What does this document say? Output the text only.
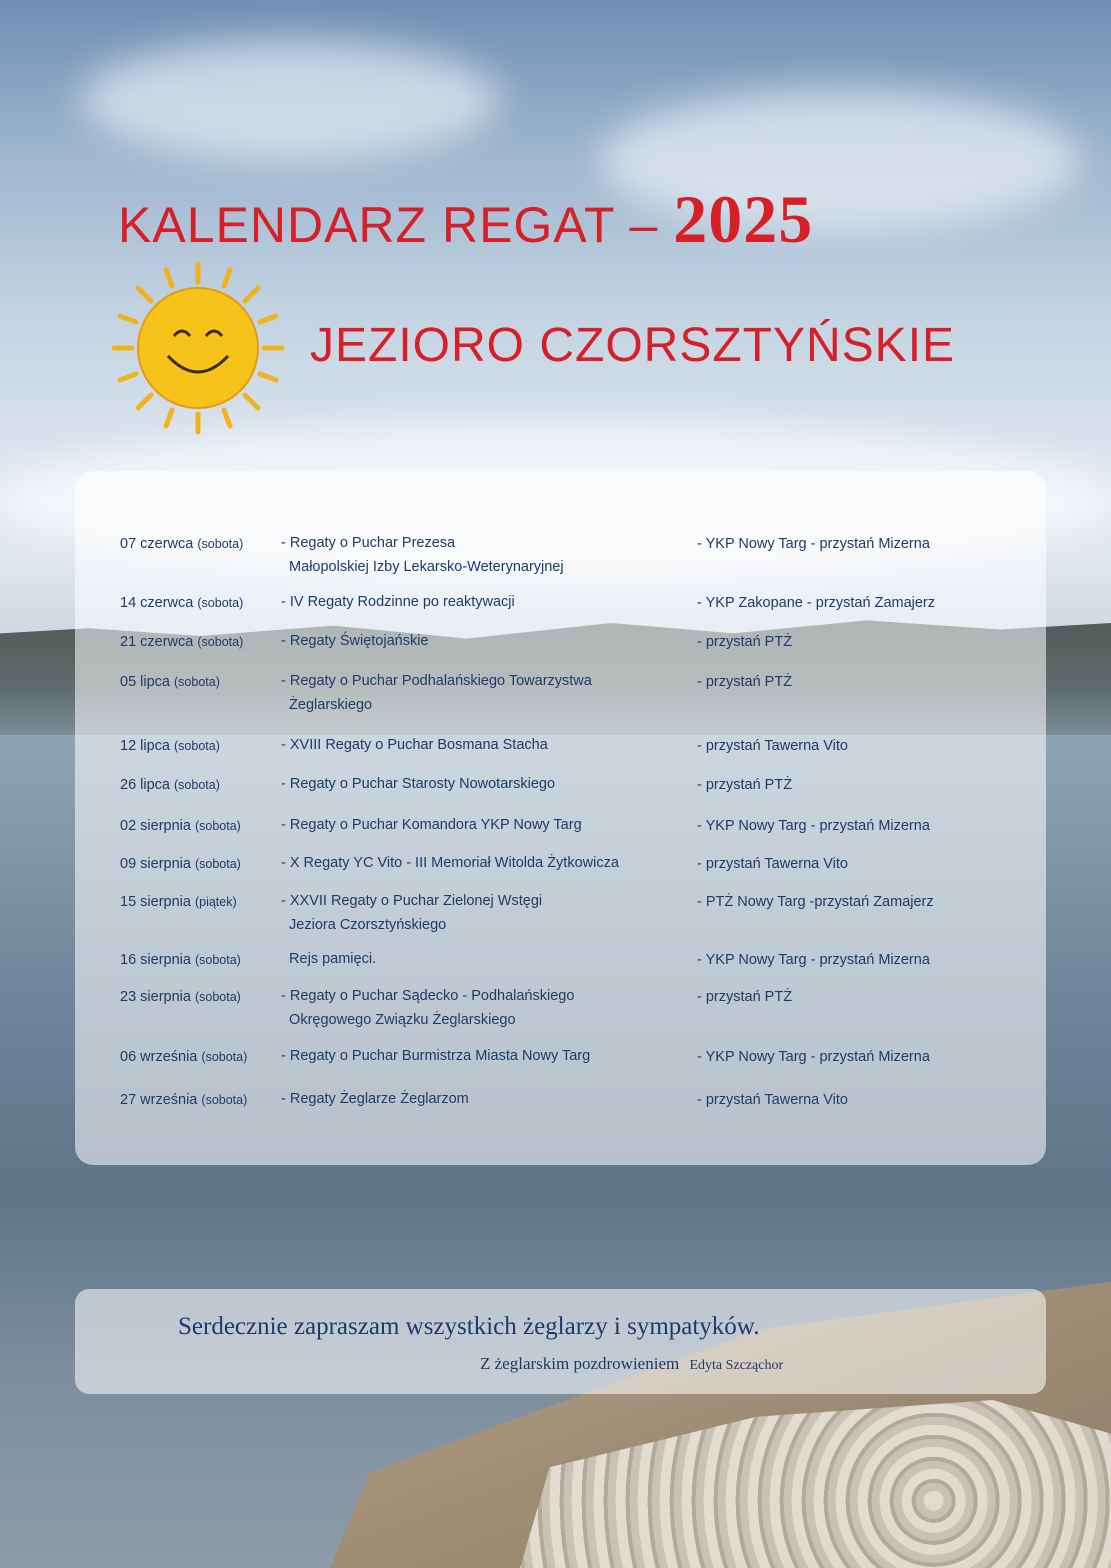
KALENDARZ REGAT – 2025
JEZIORO CZORSZTYŃSKIE
07 czerwca (sobota)	- Regaty o Puchar Prezesa
Małopolskiej Izby Lekarsko-Weterynaryjnej
- YKP Nowy Targ - przystań Mizerna
14 czerwca (sobota)	- IV Regaty Rodzinne po reaktywacji	- YKP Zakopane - przystań Zamajerz
21 czerwca (sobota)	- Regaty Świętojańskie	- przystań PTŻ
05 lipca (sobota)	- Regaty o Puchar Podhalańskiego Towarzystwa
Żeglarskiego
- przystań PTŻ
12 lipca (sobota)	- XVIII Regaty o Puchar Bosmana Stacha	- przystań Tawerna Vito
26 lipca (sobota)	- Regaty o Puchar Starosty Nowotarskiego	- przystań PTŻ
02 sierpnia (sobota)	- Regaty o Puchar Komandora YKP Nowy Targ	- YKP Nowy Targ - przystań Mizerna
09 sierpnia (sobota)	- X Regaty YC Vito - III Memoriał Witolda Żytkowicza	- przystań Tawerna Vito
15 sierpnia (piątek)	- XXVII Regaty o Puchar Zielonej Wstęgi
Jeziora Czorsztyńskiego
- PTŻ Nowy Targ -przystań Zamajerz
16 sierpnia (sobota)	Rejs pamięci.	- YKP Nowy Targ - przystań Mizerna
23 sierpnia (sobota)	- Regaty o Puchar Sądecko - Podhalańskiego
Okręgowego Związku Żeglarskiego
- przystań PTŻ
06 września (sobota) - Regaty o Puchar Burmistrza Miasta Nowy Targ	- YKP Nowy Targ - przystań Mizerna
27 września (sobota) - Regaty Żeglarze Żeglarzom	- przystań Tawerna Vito

Serdecznie zapraszam wszystkich żeglarzy i sympatyków.

Z żeglarskim pozdrowieniem Edyta Szcząchor
